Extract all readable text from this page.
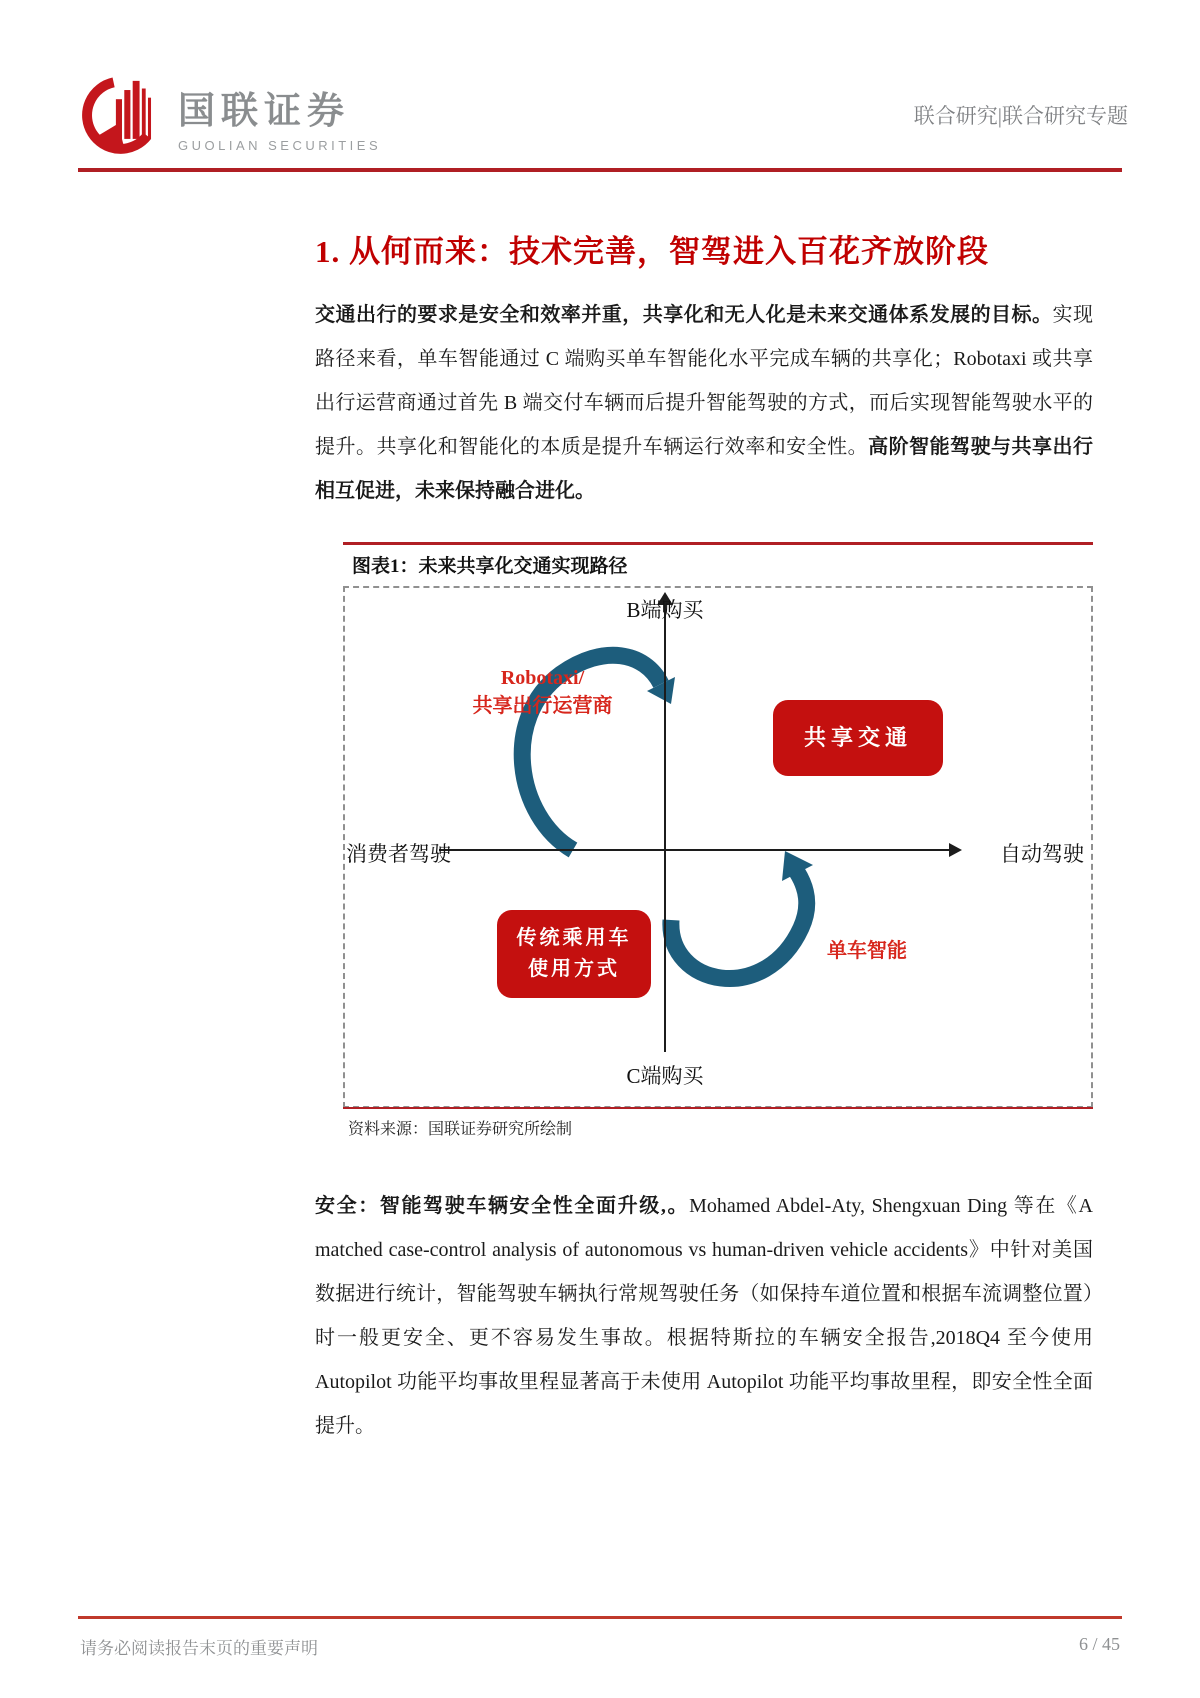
国联证券
GUOLIAN SECURITIES
联合研究|联合研究专题
1. 从何而来：技术完善，智驾进入百花齐放阶段

交通出行的要求是安全和效率并重，共享化和无人化是未来交通体系发展的目标。实现路径来看，单车智能通过 C 端购买单车智能化水平完成车辆的共享化；Robotaxi 或共享出行运营商通过首先 B 端交付车辆而后提升智能驾驶的方式，而后实现智能驾驶水平的提升。共享化和智能化的本质是提升车辆运行效率和安全性。高阶智能驾驶与共享出行相互促进，未来保持融合进化。

图表1：未来共享化交通实现路径
B端购买
C端购买
消费者驾驶	自动驾驶
共享交通
传统乘用车
使用方式
Robotaxi/
共享出行运营商
单车智能
资料来源：国联证券研究所绘制

安全：智能驾驶车辆安全性全面升级,。Mohamed Abdel-Aty, Shengxuan Ding 等在《A matched case-control analysis of autonomous vs human-driven vehicle accidents》中针对美国数据进行统计，智能驾驶车辆执行常规驾驶任务（如保持车道位置和根据车流调整位置）时一般更安全、更不容易发生事故。根据特斯拉的车辆安全报告,2018Q4 至今使用 Autopilot 功能平均事故里程显著高于未使用 Autopilot 功能平均事故里程，即安全性全面提升。

请务必阅读报告末页的重要声明	6 / 45
